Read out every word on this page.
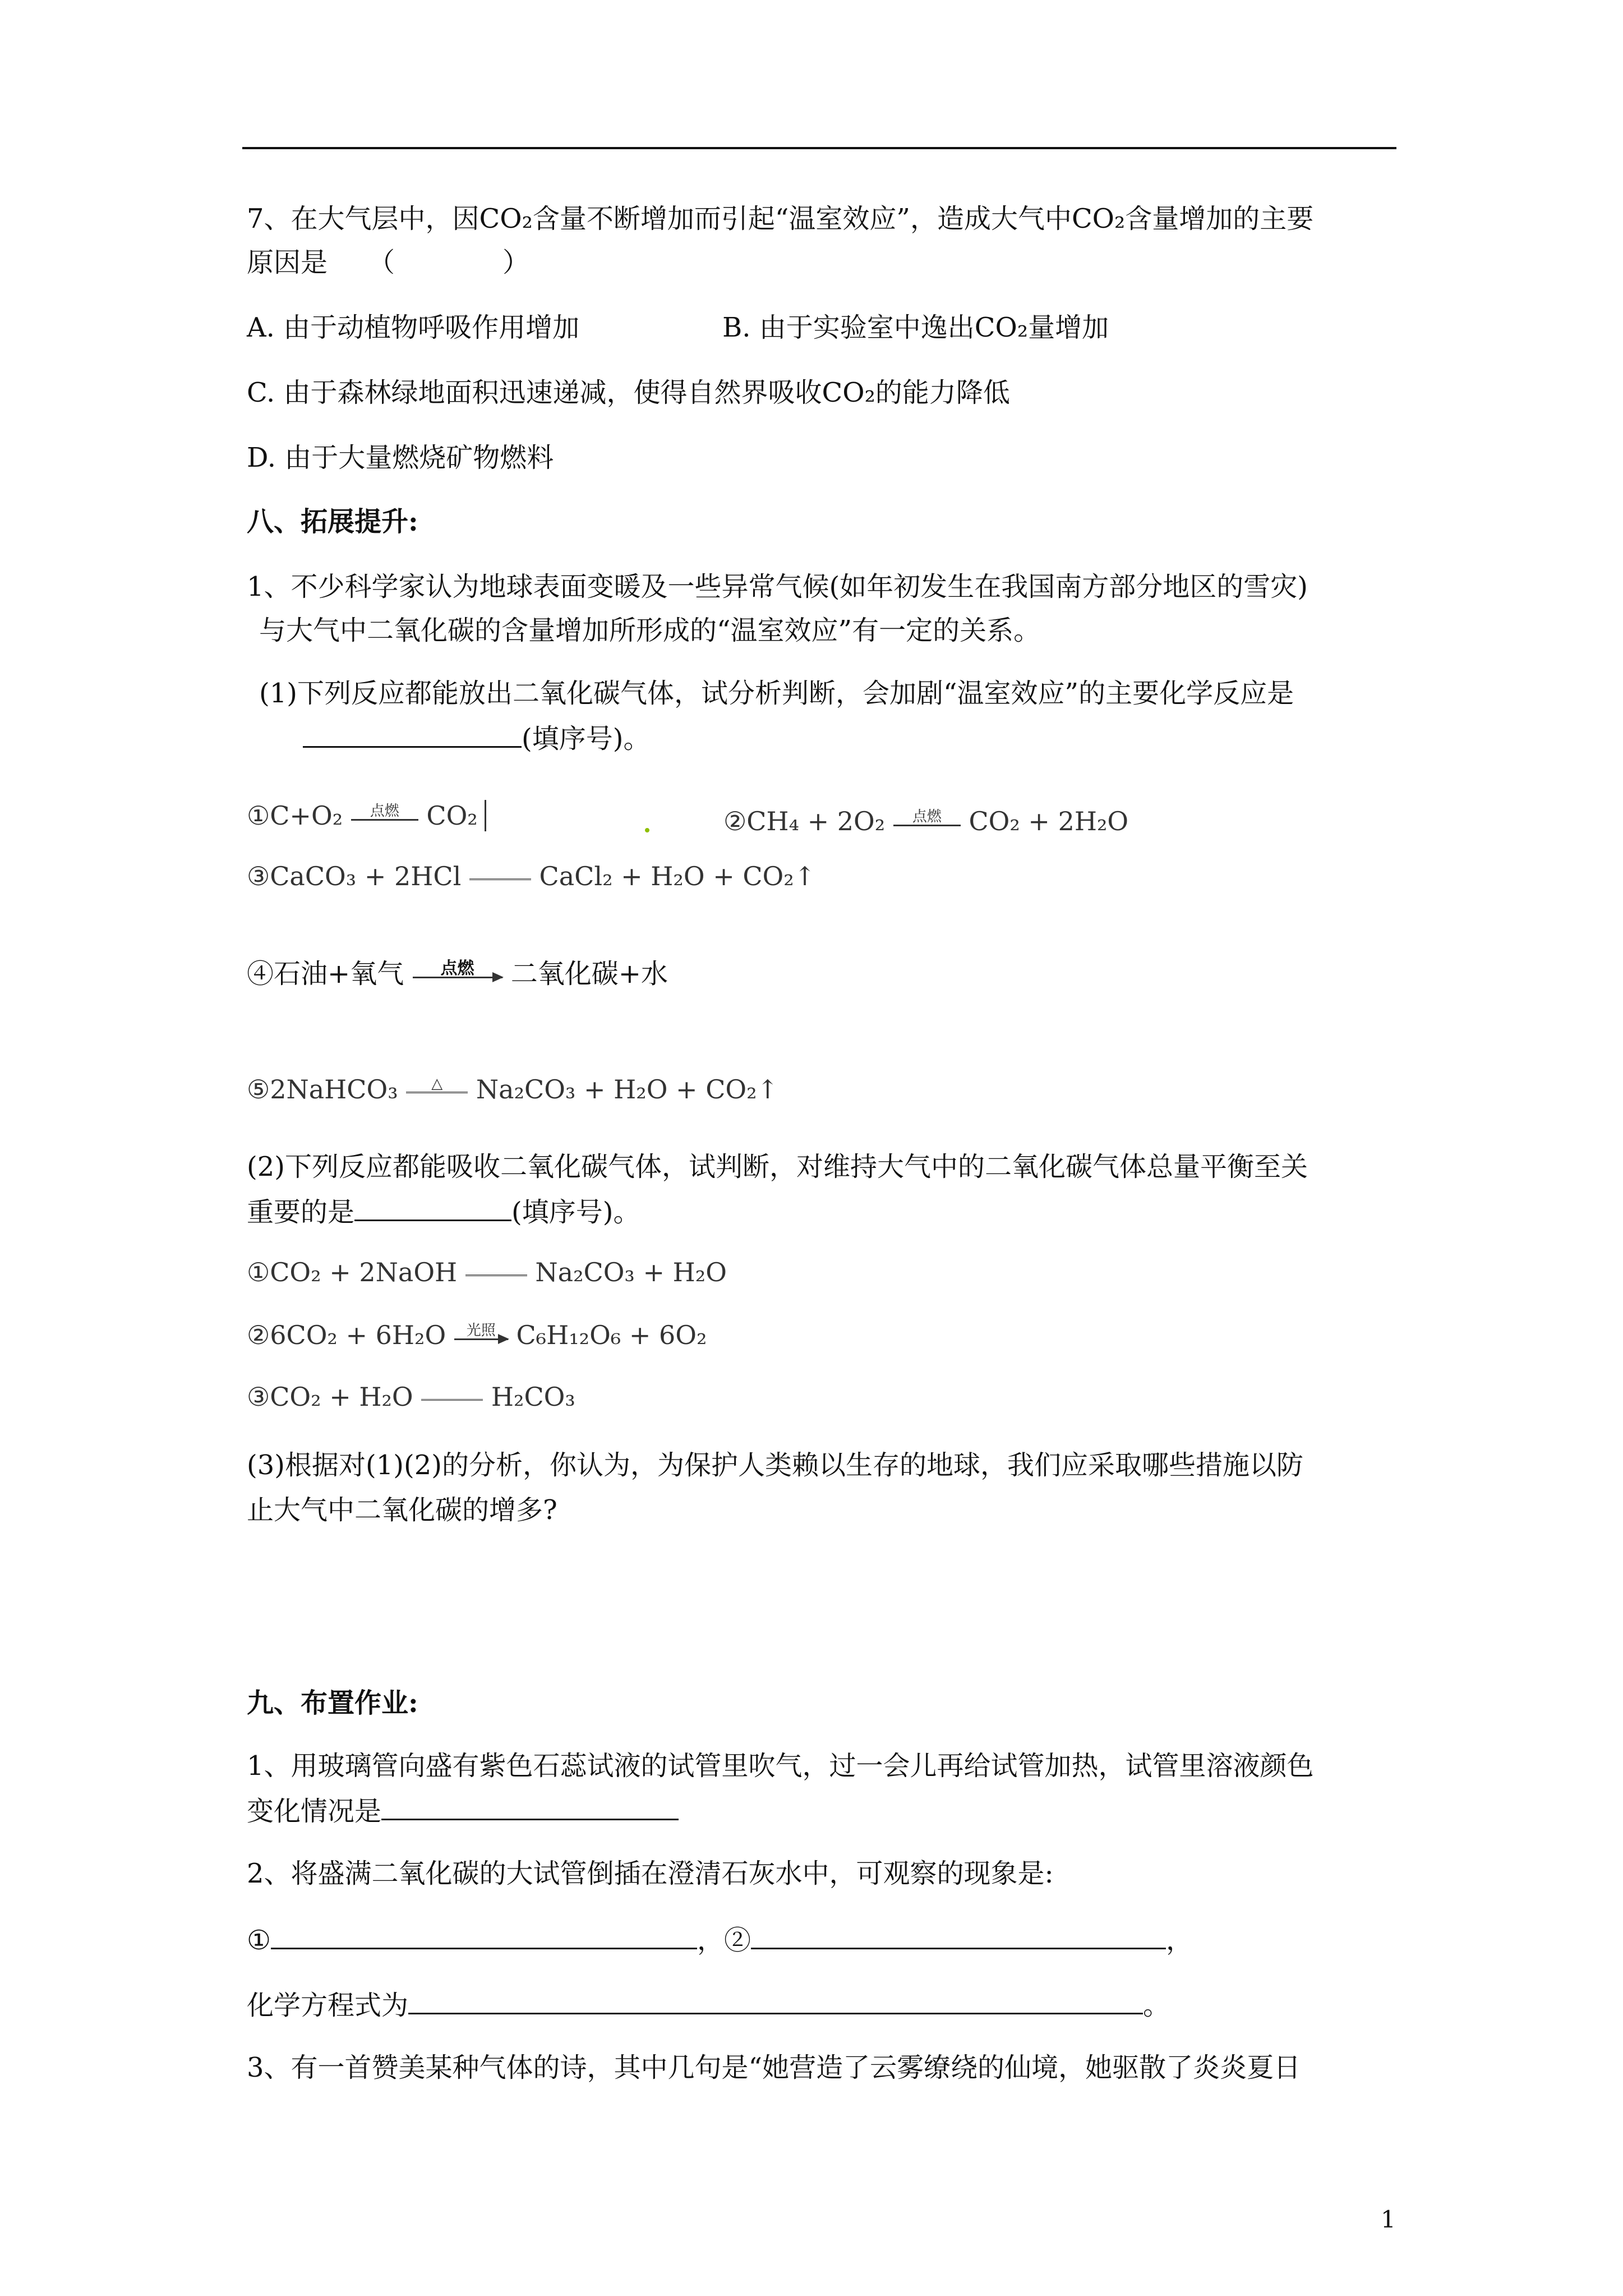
7、在大气层中，因CO₂含量不断增加而引起“温室效应”，造成大气中CO₂含量增加的主要
原因是　　（　　　　）
A. 由于动植物呼吸作用增加	B. 由于实验室中逸出CO₂量增加
C. 由于森林绿地面积迅速递减，使得自然界吸收CO₂的能力降低
D. 由于大量燃烧矿物燃料
八、拓展提升:
1、不少科学家认为地球表面变暖及一些异常气候(如年初发生在我国南方部分地区的雪灾)
与大气中二氧化碳的含量增加所形成的“温室效应”有一定的关系。
(1)下列反应都能放出二氧化碳气体，试分析判断，会加剧“温室效应”的主要化学反应是
(填序号)。
①C+O₂	点燃	CO₂	②CH₄ + 2O₂	点燃	CO₂ + 2H₂O
③CaCO₃ + 2HCl	CaCl₂ + H₂O + CO₂↑
④石油+氧气	点燃	二氧化碳+水
⑤2NaHCO₃	△	Na₂CO₃ + H₂O + CO₂↑
(2)下列反应都能吸收二氧化碳气体，试判断，对维持大气中的二氧化碳气体总量平衡至关
重要的是	(填序号)。
①CO₂ + 2NaOH	Na₂CO₃ + H₂O
②6CO₂ + 6H₂O	光照 C₆H₁₂O₆ + 6O₂
③CO₂ + H₂O	H₂CO₃
(3)根据对(1)(2)的分析，你认为，为保护人类赖以生存的地球，我们应采取哪些措施以防
止大气中二氧化碳的增多?
九、布置作业:
1、用玻璃管向盛有紫色石蕊试液的试管里吹气，过一会儿再给试管加热，试管里溶液颜色
变化情况是
2、将盛满二氧化碳的大试管倒插在澄清石灰水中，可观察的现象是:
①	，②	，
化学方程式为	。
3、有一首赞美某种气体的诗，其中几句是“她营造了云雾缭绕的仙境，她驱散了炎炎夏日
1
